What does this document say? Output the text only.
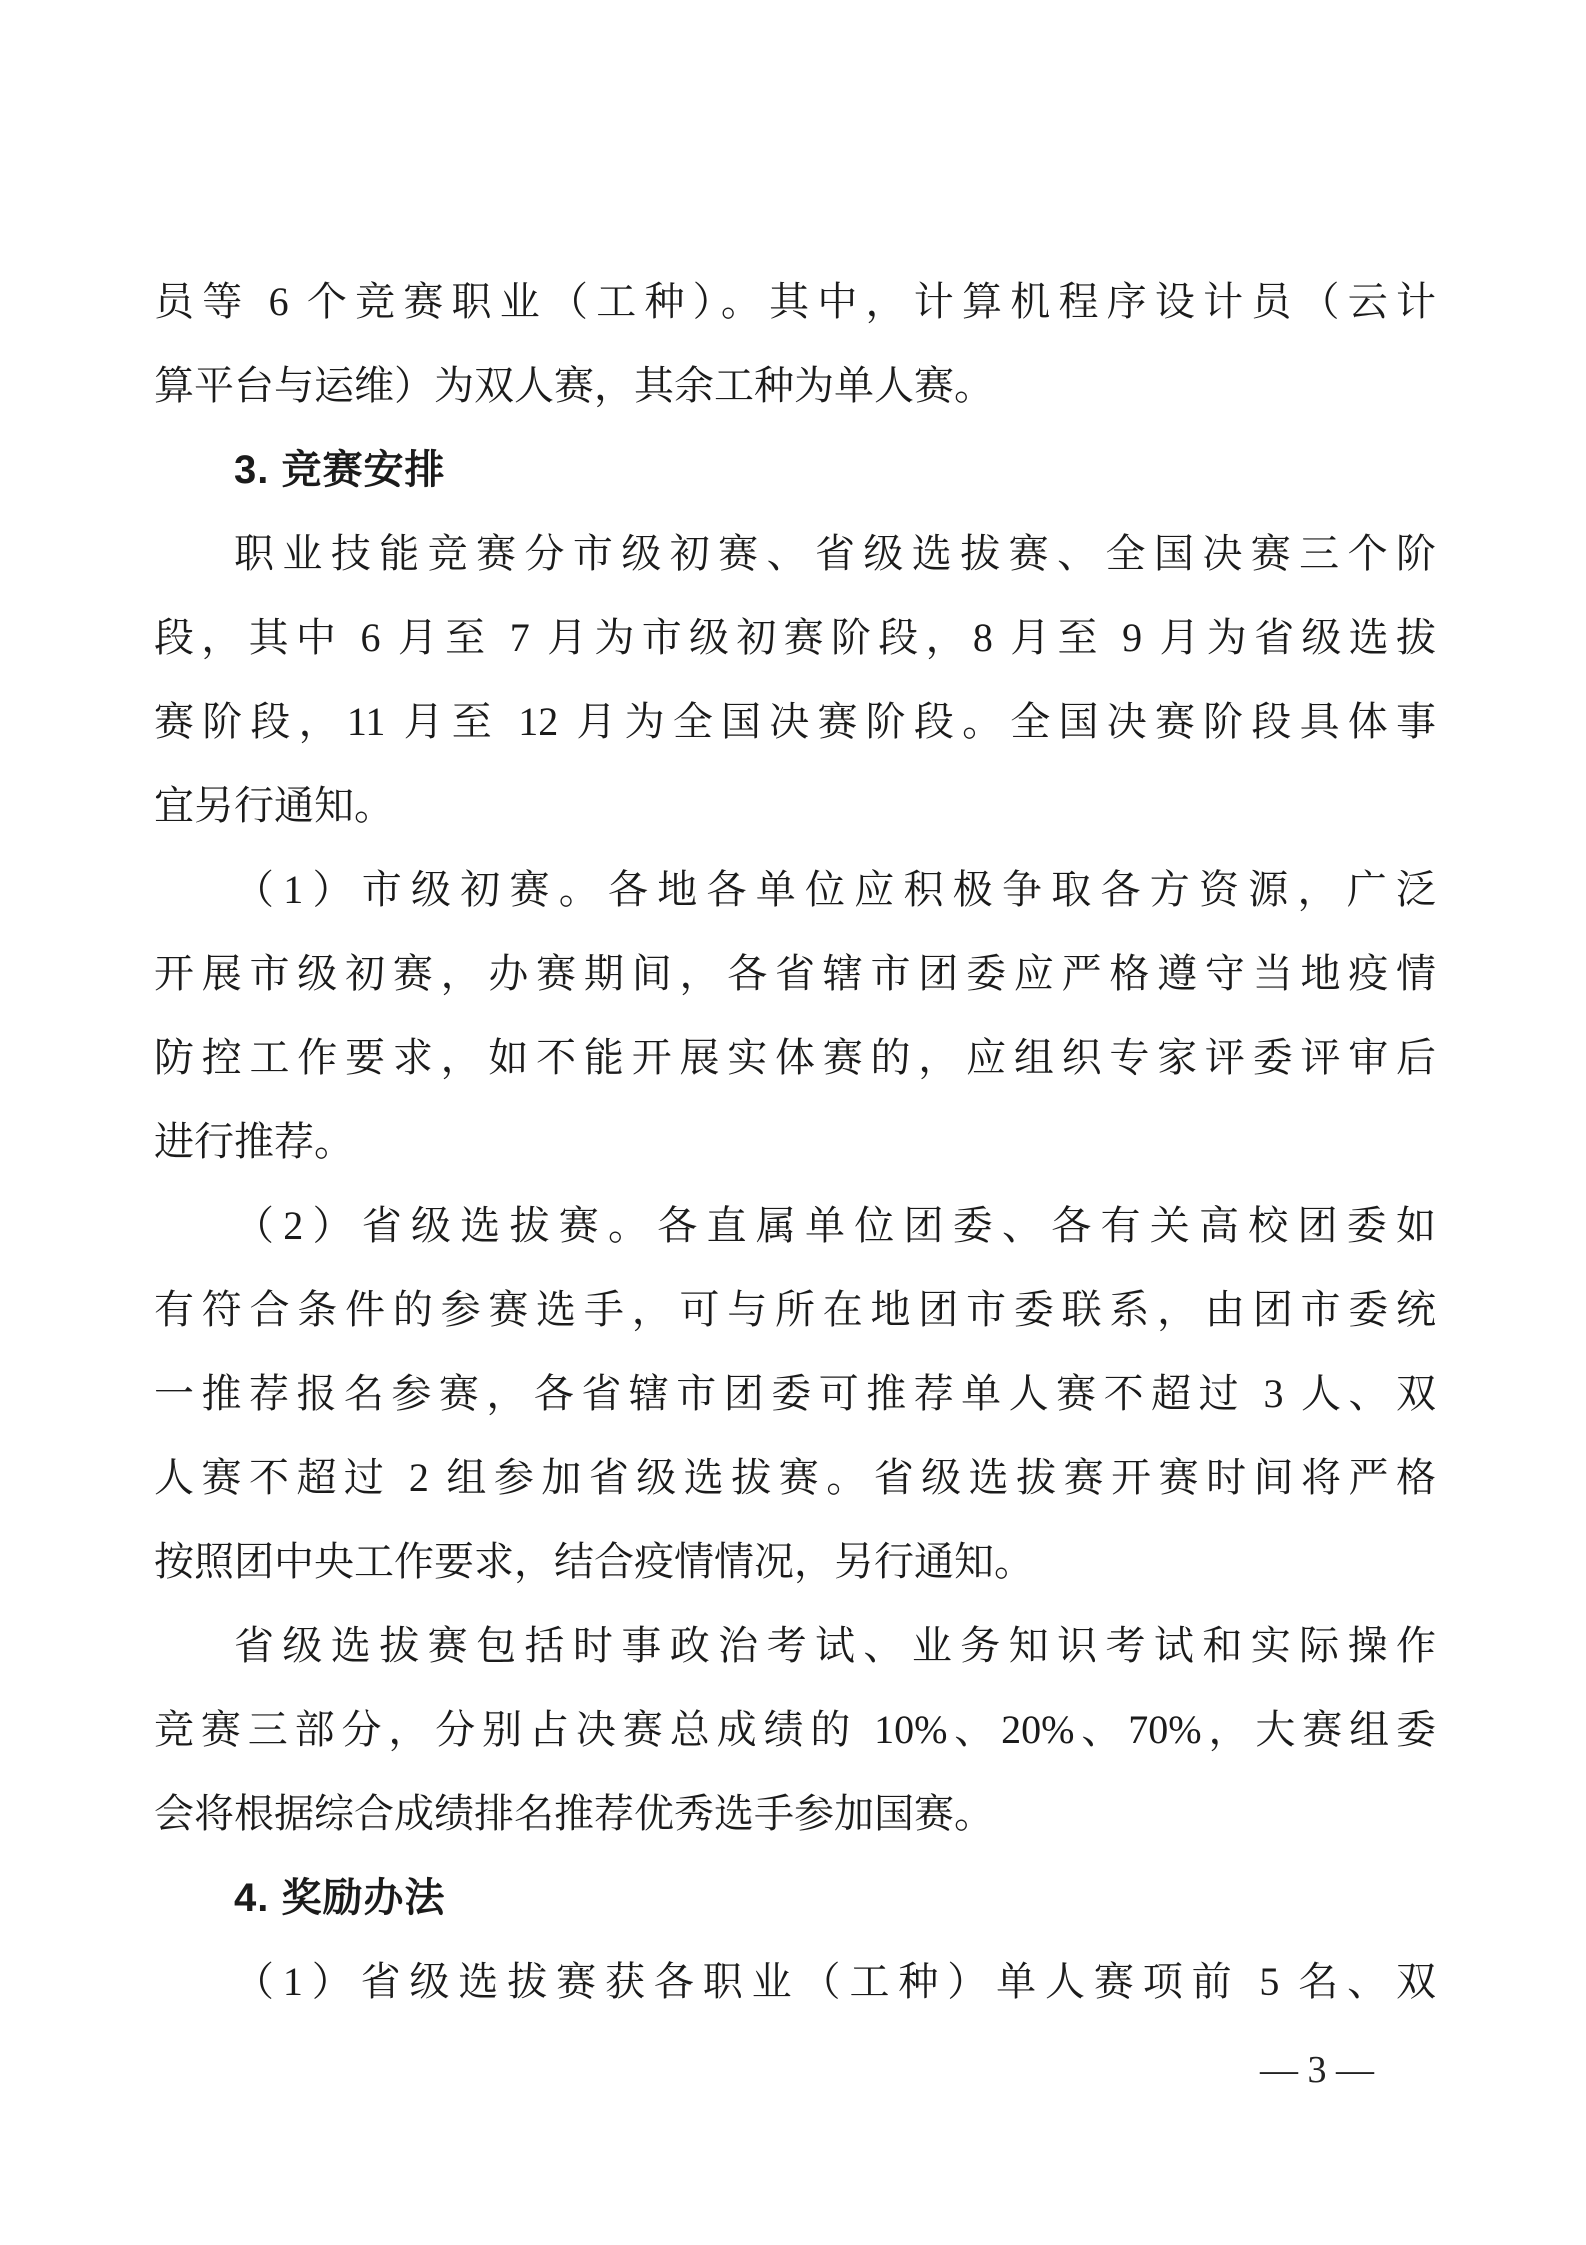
员等 6 个竞赛职业（工种）。其中，计算机程序设计员（云计
算平台与运维）为双人赛，其余工种为单人赛。
3. 竞赛安排
职业技能竞赛分市级初赛、省级选拔赛、全国决赛三个阶
段，其中 6 月至 7 月为市级初赛阶段，8 月至 9 月为省级选拔
赛阶段，11 月至 12 月为全国决赛阶段。全国决赛阶段具体事
宜另行通知。
（1）市级初赛。各地各单位应积极争取各方资源，广泛
开展市级初赛，办赛期间，各省辖市团委应严格遵守当地疫情
防控工作要求，如不能开展实体赛的，应组织专家评委评审后
进行推荐。
（2）省级选拔赛。各直属单位团委、各有关高校团委如
有符合条件的参赛选手，可与所在地团市委联系，由团市委统
一推荐报名参赛，各省辖市团委可推荐单人赛不超过 3 人、双
人赛不超过 2 组参加省级选拔赛。省级选拔赛开赛时间将严格
按照团中央工作要求，结合疫情情况，另行通知。
省级选拔赛包括时事政治考试、业务知识考试和实际操作
竞赛三部分，分别占决赛总成绩的 10%、20%、70%，大赛组委
会将根据综合成绩排名推荐优秀选手参加国赛。
4. 奖励办法
（1）省级选拔赛获各职业（工种）单人赛项前 5 名、双
— 3 —
